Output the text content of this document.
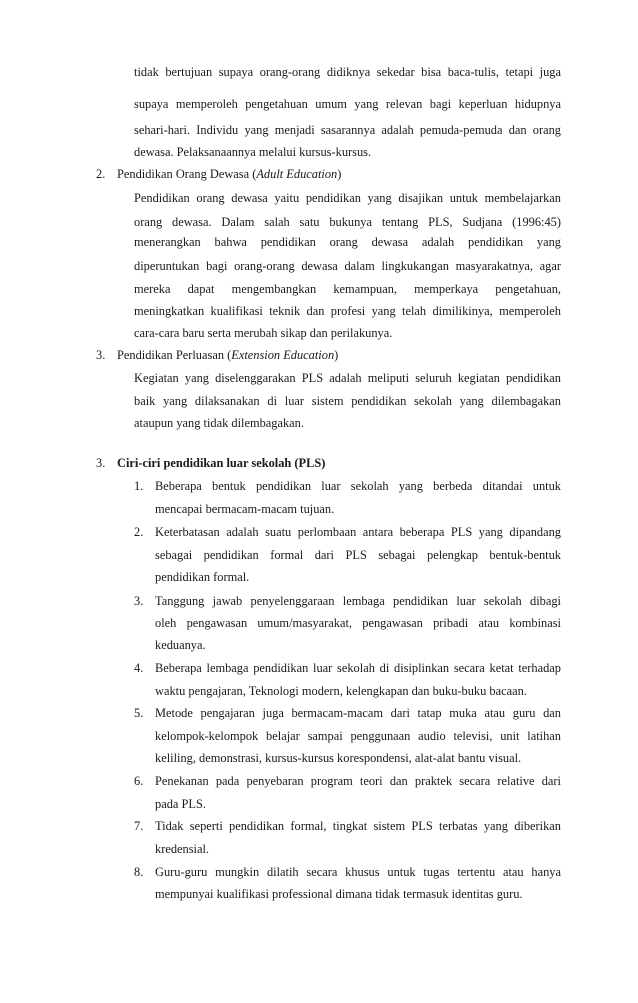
tidak bertujuan supaya orang-orang didiknya sekedar bisa baca-tulis, tetapi juga
supaya memperoleh pengetahuan umum yang relevan bagi keperluan hidupnya
sehari-hari. Individu yang menjadi sasarannya adalah pemuda-pemuda dan orang
dewasa. Pelaksanaannya melalui kursus-kursus.
2. Pendidikan Orang Dewasa (Adult Education)
Pendidikan orang dewasa yaitu pendidikan yang disajikan untuk membelajarkan
orang dewasa. Dalam salah satu bukunya tentang PLS, Sudjana (1996:45)
menerangkan bahwa pendidikan orang dewasa adalah pendidikan yang
diperuntukan bagi orang-orang dewasa dalam lingkukangan masyarakatnya, agar
mereka dapat mengembangkan kemampuan, memperkaya pengetahuan,
meningkatkan kualifikasi teknik dan profesi yang telah dimilikinya, memperoleh
cara-cara baru serta merubah sikap dan perilakunya.
3. Pendidikan Perluasan (Extension Education)
Kegiatan yang diselenggarakan PLS adalah meliputi seluruh kegiatan pendidikan
baik yang dilaksanakan di luar sistem pendidikan sekolah yang dilembagakan
ataupun yang tidak dilembagakan.
3. Ciri-ciri pendidikan luar sekolah (PLS)
1. Beberapa bentuk pendidikan luar sekolah yang berbeda ditandai untuk
mencapai bermacam-macam tujuan.
2. Keterbatasan adalah suatu perlombaan antara beberapa PLS yang dipandang
sebagai pendidikan formal dari PLS sebagai pelengkap bentuk-bentuk
pendidikan formal.
3. Tanggung jawab penyelenggaraan lembaga pendidikan luar sekolah dibagi
oleh pengawasan umum/masyarakat, pengawasan pribadi atau kombinasi
keduanya.
4. Beberapa lembaga pendidikan luar sekolah di disiplinkan secara ketat terhadap
waktu pengajaran, Teknologi modern, kelengkapan dan buku-buku bacaan.
5. Metode pengajaran juga bermacam-macam dari tatap muka atau guru dan
kelompok-kelompok belajar sampai penggunaan audio televisi, unit latihan
keliling, demonstrasi, kursus-kursus korespondensi, alat-alat bantu visual.
6. Penekanan pada penyebaran program teori dan praktek secara relative dari
pada PLS.
7. Tidak seperti pendidikan formal, tingkat sistem PLS terbatas yang diberikan
kredensial.
8. Guru-guru mungkin dilatih secara khusus untuk tugas tertentu atau hanya
mempunyai kualifikasi professional dimana tidak termasuk identitas guru.
